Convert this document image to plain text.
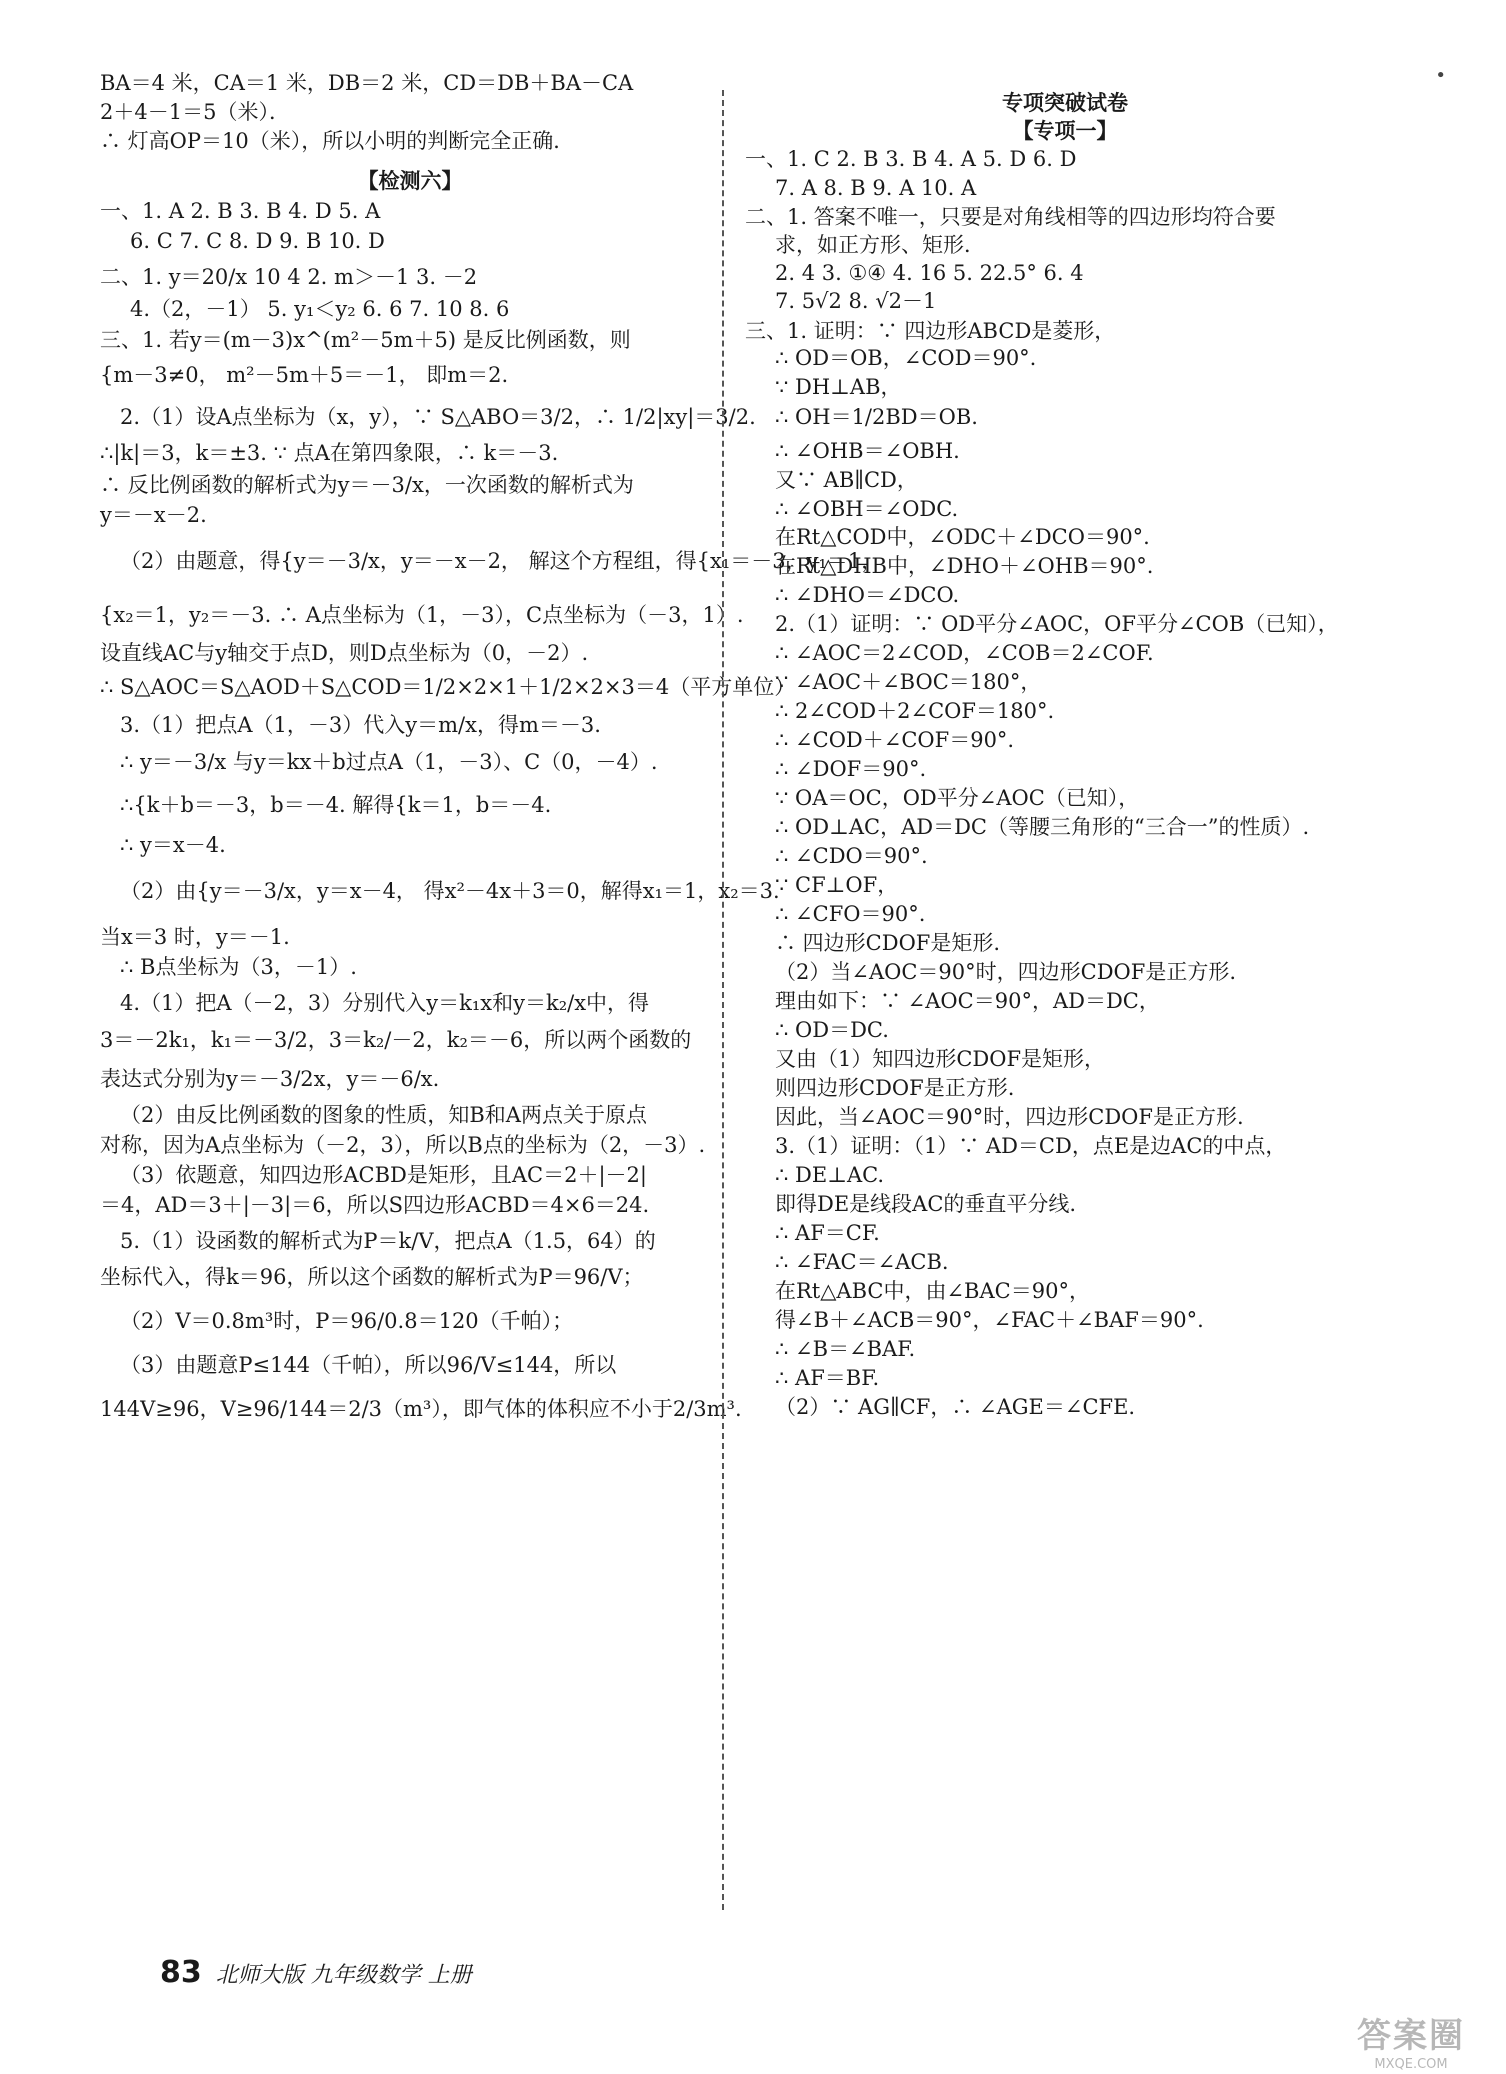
BA＝4 米，CA＝1 米，DB＝2 米，CD＝DB＋BA－CA
2＋4－1＝5（米）．
∴ 灯高OP＝10（米），所以小明的判断完全正确．
【检测六】
一、1. A 2. B 3. B 4. D 5. A
6. C 7. C 8. D 9. B 10. D
二、1. y＝20/x 10 4 2. m＞－1 3. －2
4.（2，－1） 5. y₁＜y₂ 6. 6 7. 10 8. 6
三、1. 若y＝(m－3)x^(m²－5m＋5) 是反比例函数，则
{m－3≠0， m²－5m＋5＝－1， 即m＝2.
2.（1）设A点坐标为（x，y），∵ S△ABO＝3/2，∴ 1/2|xy|＝3/2.
∴|k|＝3，k＝±3. ∵ 点A在第四象限，∴ k＝－3.
∴ 反比例函数的解析式为y＝－3/x，一次函数的解析式为
y＝－x－2.
（2）由题意，得{y＝－3/x，y＝－x－2， 解这个方程组，得{x₁＝－3，y₁＝1，
{x₂＝1，y₂＝－3. ∴ A点坐标为（1，－3），C点坐标为（－3，1）.
设直线AC与y轴交于点D，则D点坐标为（0，－2）.
∴ S△AOC＝S△AOD＋S△COD＝1/2×2×1＋1/2×2×3＝4（平方单位）
3.（1）把点A（1，－3）代入y＝m/x，得m＝－3.
∴ y＝－3/x 与y＝kx＋b过点A（1，－3）、C（0，－4）.
∴{k＋b＝－3，b＝－4. 解得{k＝1，b＝－4.
∴ y＝x－4.
（2）由{y＝－3/x，y＝x－4， 得x²－4x＋3＝0，解得x₁＝1，x₂＝3.
当x＝3 时，y＝－1.
∴ B点坐标为（3，－1）.
4.（1）把A（－2，3）分别代入y＝k₁x和y＝k₂/x中，得
3＝－2k₁，k₁＝－3/2，3＝k₂/－2，k₂＝－6，所以两个函数的
表达式分别为y＝－3/2x，y＝－6/x.
（2）由反比例函数的图象的性质，知B和A两点关于原点
对称，因为A点坐标为（－2，3），所以B点的坐标为（2，－3）.
（3）依题意，知四边形ACBD是矩形，且AC＝2＋|－2|
＝4，AD＝3＋|－3|＝6，所以S四边形ACBD＝4×6＝24.
5.（1）设函数的解析式为P＝k/V，把点A（1.5，64）的
坐标代入，得k＝96，所以这个函数的解析式为P＝96/V；
（2）V＝0.8m³时，P＝96/0.8＝120（千帕）；
（3）由题意P≤144（千帕），所以96/V≤144，所以
144V≥96，V≥96/144＝2/3（m³），即气体的体积应不小于2/3m³.
专项突破试卷
【专项一】
一、1. C 2. B 3. B 4. A 5. D 6. D
7. A 8. B 9. A 10. A
二、1. 答案不唯一，只要是对角线相等的四边形均符合要
求，如正方形、矩形．
2. 4 3. ①④ 4. 16 5. 22.5° 6. 4
7. 5√2 8. √2－1
三、1. 证明：∵ 四边形ABCD是菱形，
∴ OD＝OB，∠COD＝90°.
∵ DH⊥AB，
∴ OH＝1/2BD＝OB.
∴ ∠OHB＝∠OBH.
又∵ AB∥CD，
∴ ∠OBH＝∠ODC.
在Rt△COD中，∠ODC＋∠DCO＝90°.
在Rt△DHB中，∠DHO＋∠OHB＝90°.
∴ ∠DHO＝∠DCO.
2.（1）证明：∵ OD平分∠AOC，OF平分∠COB（已知），
∴ ∠AOC＝2∠COD，∠COB＝2∠COF.
∵ ∠AOC＋∠BOC＝180°，
∴ 2∠COD＋2∠COF＝180°.
∴ ∠COD＋∠COF＝90°.
∴ ∠DOF＝90°.
∵ OA＝OC，OD平分∠AOC（已知），
∴ OD⊥AC，AD＝DC（等腰三角形的“三合一”的性质）.
∴ ∠CDO＝90°.
∵ CF⊥OF，
∴ ∠CFO＝90°.
∴ 四边形CDOF是矩形.
（2）当∠AOC＝90°时，四边形CDOF是正方形.
理由如下：∵ ∠AOC＝90°，AD＝DC，
∴ OD＝DC.
又由（1）知四边形CDOF是矩形，
则四边形CDOF是正方形.
因此，当∠AOC＝90°时，四边形CDOF是正方形.
3.（1）证明：（1）∵ AD＝CD，点E是边AC的中点，
∴ DE⊥AC.
即得DE是线段AC的垂直平分线.
∴ AF＝CF.
∴ ∠FAC＝∠ACB.
在Rt△ABC中，由∠BAC＝90°，
得∠B＋∠ACB＝90°，∠FAC＋∠BAF＝90°.
∴ ∠B＝∠BAF.
∴ AF＝BF.
（2）∵ AG∥CF，∴ ∠AGE＝∠CFE.
•
83 北师大版 九年级数学 上册
答案圈
MXQE.COM
